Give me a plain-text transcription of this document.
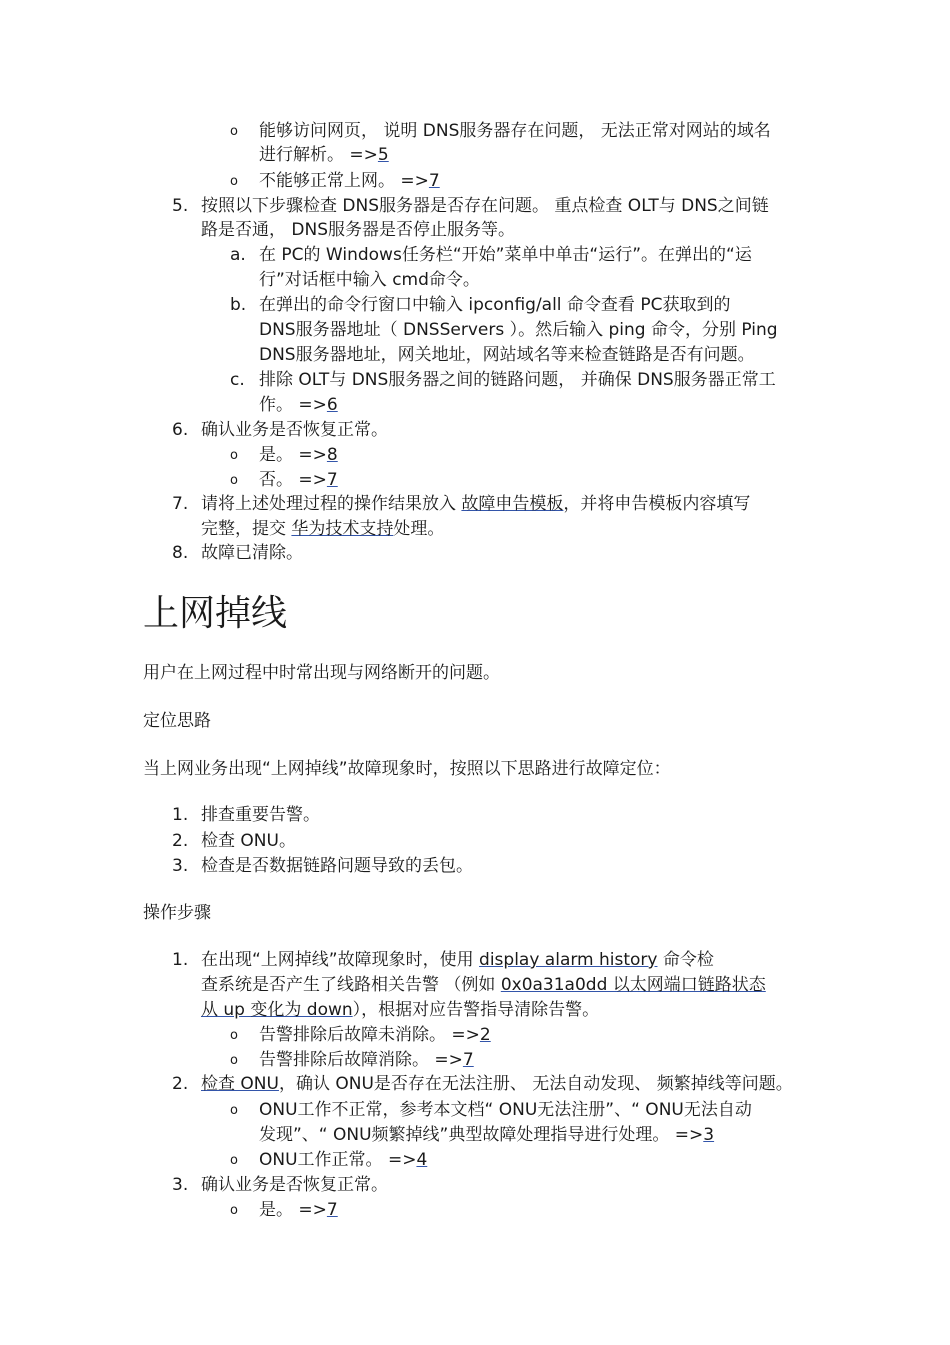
o 能够访问网页， 说明 DNS服务器存在问题， 无法正常对网站的域名
进行解析。 =>5
o 不能够正常上网。 =>7
5. 按照以下步骤检查 DNS服务器是否存在问题。 重点检查 OLT与 DNS之间链
路是否通， DNS服务器是否停止服务等。
a. 在 PC的 Windows任务栏“开始”菜单中单击“运行”。在弹出的“运
行”对话框中输入 cmd命令。
b. 在弹出的命令行窗口中输入 ipconfig/all 命令查看 PC获取到的
DNS服务器地址（ DNSServers ）。然后输入 ping 命令，分别 Ping
DNS服务器地址，网关地址，网站域名等来检查链路是否有问题。
c. 排除 OLT与 DNS服务器之间的链路问题， 并确保 DNS服务器正常工
作。 =>6
6. 确认业务是否恢复正常。
o 是。 =>8
o 否。 =>7
7. 请将上述处理过程的操作结果放入 故障申告模板，并将申告模板内容填写
完整，提交 华为技术支持处理。
8. 故障已清除。
上网掉线
用户在上网过程中时常出现与网络断开的问题。
定位思路
当上网业务出现“上网掉线”故障现象时，按照以下思路进行故障定位：
1. 排查重要告警。
2. 检查 ONU。
3. 检查是否数据链路问题导致的丢包。
操作步骤
1. 在出现“上网掉线”故障现象时，使用 display alarm history 命令检
查系统是否产生了线路相关告警 （例如 0x0a31a0dd 以太网端口链路状态
从 up 变化为 down），根据对应告警指导清除告警。
o 告警排除后故障未消除。 =>2
o 告警排除后故障消除。 =>7
2. 检查 ONU，确认 ONU是否存在无法注册、 无法自动发现、 频繁掉线等问题。
o ONU工作不正常，参考本文档“ ONU无法注册”、“ ONU无法自动
发现”、“ ONU频繁掉线”典型故障处理指导进行处理。 =>3
o ONU工作正常。 =>4
3. 确认业务是否恢复正常。
o 是。 =>7
